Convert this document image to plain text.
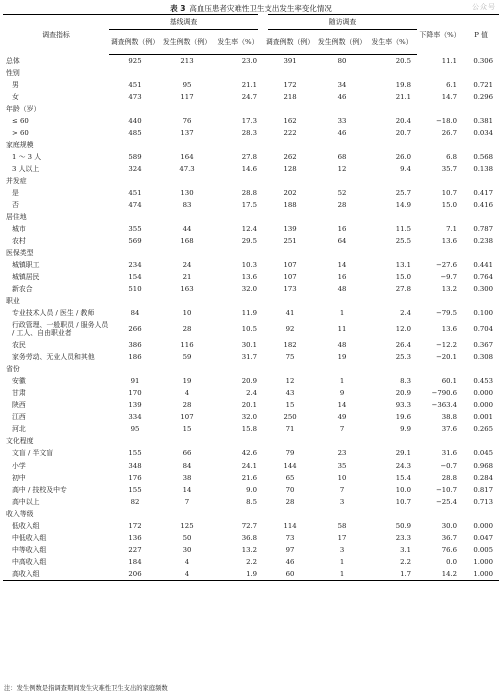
表 3 高血压患者灾难性卫生支出发生率变化情况	公众号
调查指标	基线调查			随访调查			下降率（%）	P 值
	调查例数（例）	发生例数（例）	发生率（%）	调查例数（例）	发生例数（例）	发生率（%）		
总体	925	213	23.0	391	80	20.5	11.1	0.306
性别								
男	451	95	21.1	172	34	19.8	6.1	0.721
女	473	117	24.7	218	46	21.1	14.7	0.296
年龄（岁）								
≤ 60	440	76	17.3	162	33	20.4	−18.0	0.381
> 60	485	137	28.3	222	46	20.7	26.7	0.034
家庭规模								
1 ～ 3 人	589	164	27.8	262	68	26.0	6.8	0.568
3 人以上	324	47.3	14.6	128	12	9.4	35.7	0.138
并发症								
是	451	130	28.8	202	52	25.7	10.7	0.417
否	474	83	17.5	188	28	14.9	15.0	0.416
居住地								
城市	355	44	12.4	139	16	11.5	7.1	0.787
农村	569	168	29.5	251	64	25.5	13.6	0.238
医保类型								
城镇职工	234	24	10.3	107	14	13.1	−27.6	0.441
城镇居民	154	21	13.6	107	16	15.0	−9.7	0.764
新农合	510	163	32.0	173	48	27.8	13.2	0.300
职业								
专业技术人员 / 医生 / 教师	84	10	11.9	41	1	2.4	−79.5	0.100
行政管理、一般职员 / 服务人员 / 工人、自由职业者	266	28	10.5	92	11	12.0	13.6	0.704
农民	386	116	30.1	182	48	26.4	−12.2	0.367
家务劳动、无业人员和其他	186	59	31.7	75	19	25.3	−20.1	0.308
省份								
安徽	91	19	20.9	12	1	8.3	60.1	0.453
甘肃	170	4	2.4	43	9	20.9	−790.6	0.000
陕西	139	28	20.1	15	14	93.3	−363.4	0.000
江西	334	107	32.0	250	49	19.6	38.8	0.001
河北	95	15	15.8	71	7	9.9	37.6	0.265
文化程度								
文盲 / 半文盲	155	66	42.6	79	23	29.1	31.6	0.045
小学	348	84	24.1	144	35	24.3	−0.7	0.968
初中	176	38	21.6	65	10	15.4	28.8	0.284
高中 / 技校及中专	155	14	9.0	70	7	10.0	−10.7	0.817
高中以上	82	7	8.5	28	3	10.7	−25.4	0.713
收入等级								
低收入组	172	125	72.7	114	58	50.9	30.0	0.000
中低收入组	136	50	36.8	73	17	23.3	36.7	0.047
中等收入组	227	30	13.2	97	3	3.1	76.6	0.005
中高收入组	184	4	2.2	46	1	2.2	0.0	1.000
高收入组	206	4	1.9	60	1	1.7	14.2	1.000
注：发生例数是指调查期间发生灾难性卫生支出的家庭频数
